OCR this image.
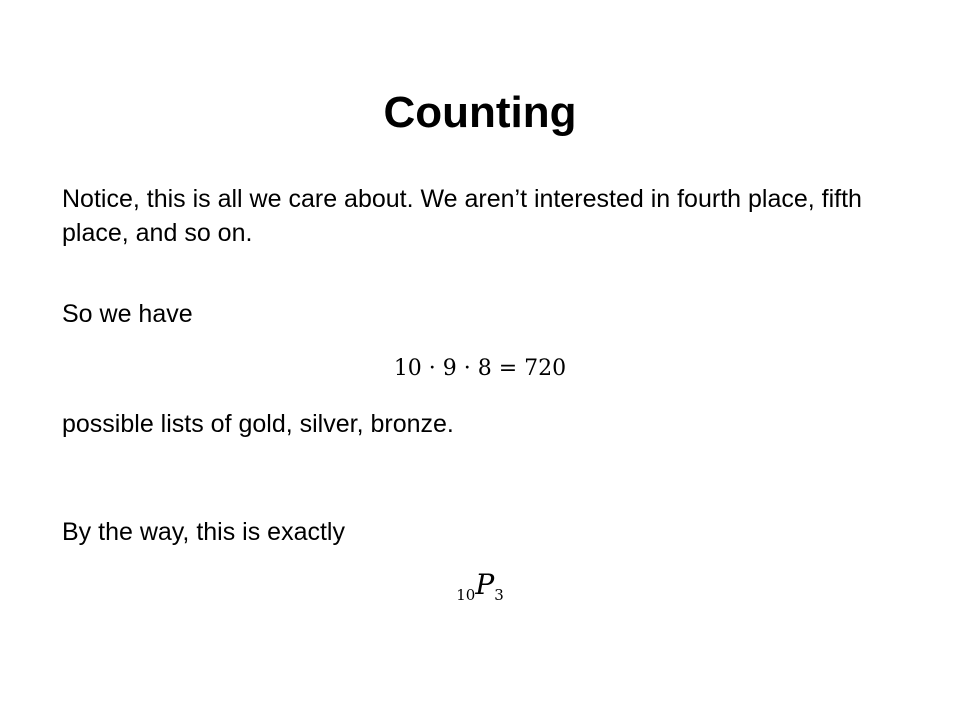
Counting

Notice, this is all we care about. We aren’t interested in fourth place, fifth place, and so on.

So we have

10 · 9 · 8 = 720

possible lists of gold, silver, bronze.

By the way, this is exactly

$_{10}P_3$
